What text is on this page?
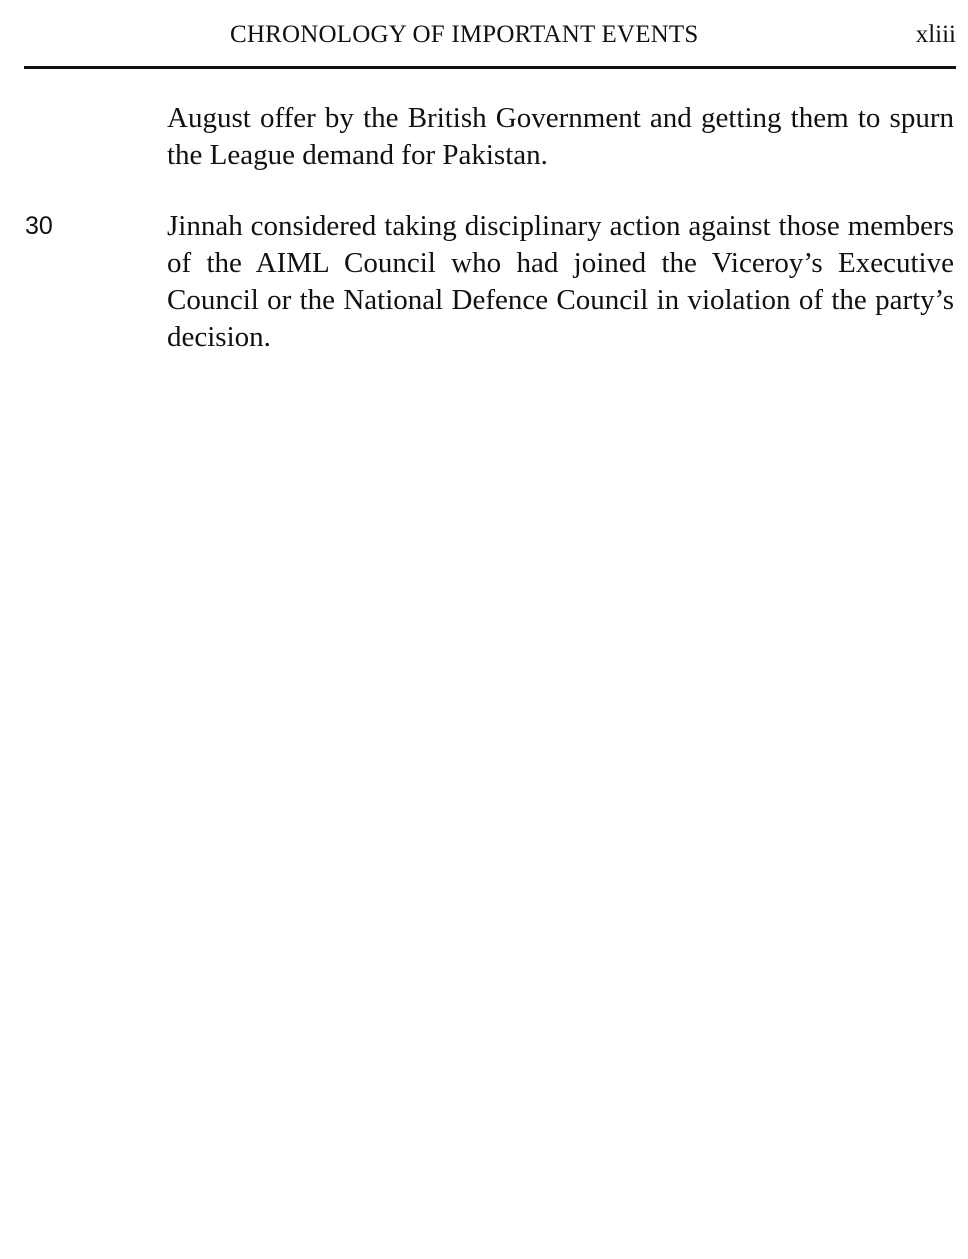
CHRONOLOGY OF IMPORTANT EVENTS	xliii

August offer by the British Government and getting them to spurn the League demand for Pakistan.

30	Jinnah considered taking disciplinary action against those members of the AIML Council who had joined the Viceroy’s Executive Council or the National Defence Council in violation of the party’s decision.
